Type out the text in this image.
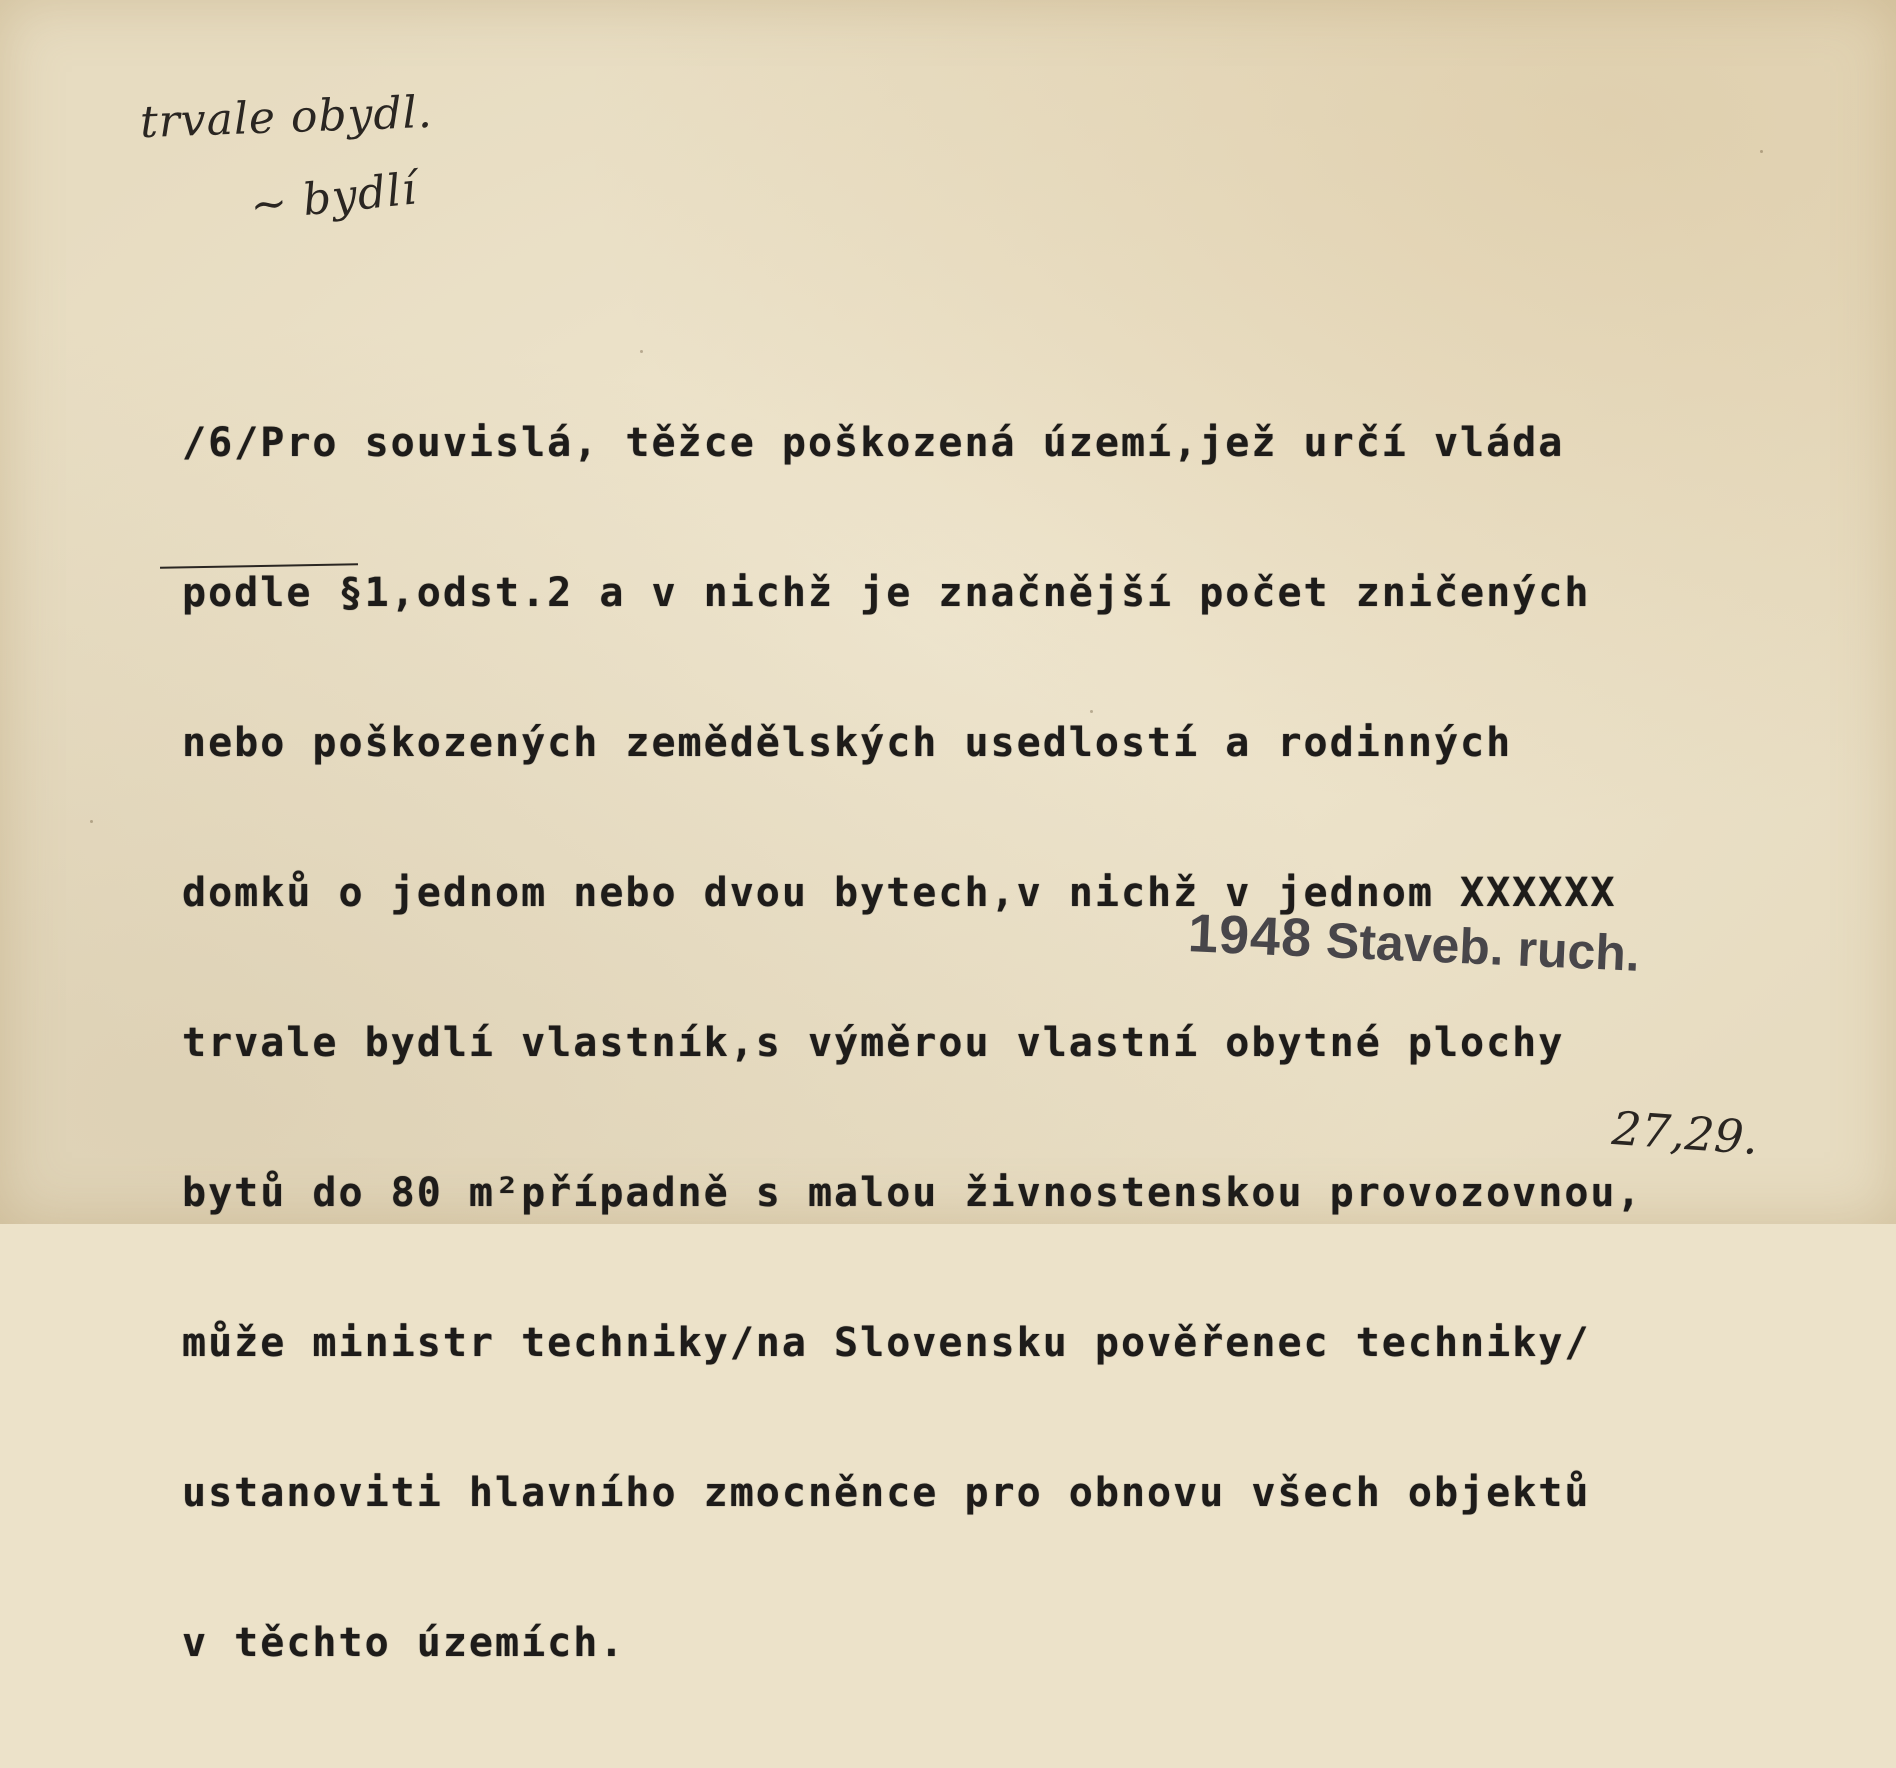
trvale obydl.
~ bydlí

/6/Pro souvislá, těžce poškozená území,jež určí vláda

podle §1,odst.2 a v nichž je značnější počet zničených

nebo poškozených zemědělských usedlostí a rodinných

domků o jednom nebo dvou bytech,v nichž v jednom XXXXXX

trvale bydlí vlastník,s výměrou vlastní obytné plochy

bytů do 80 m²případně s malou živnostenskou provozovnou,

může ministr techniky/na Slovensku pověřenec techniky/

ustanoviti hlavního zmocněnce pro obnovu všech objektů

v těchto územích.

1948 Staveb. ruch.
27,29.
